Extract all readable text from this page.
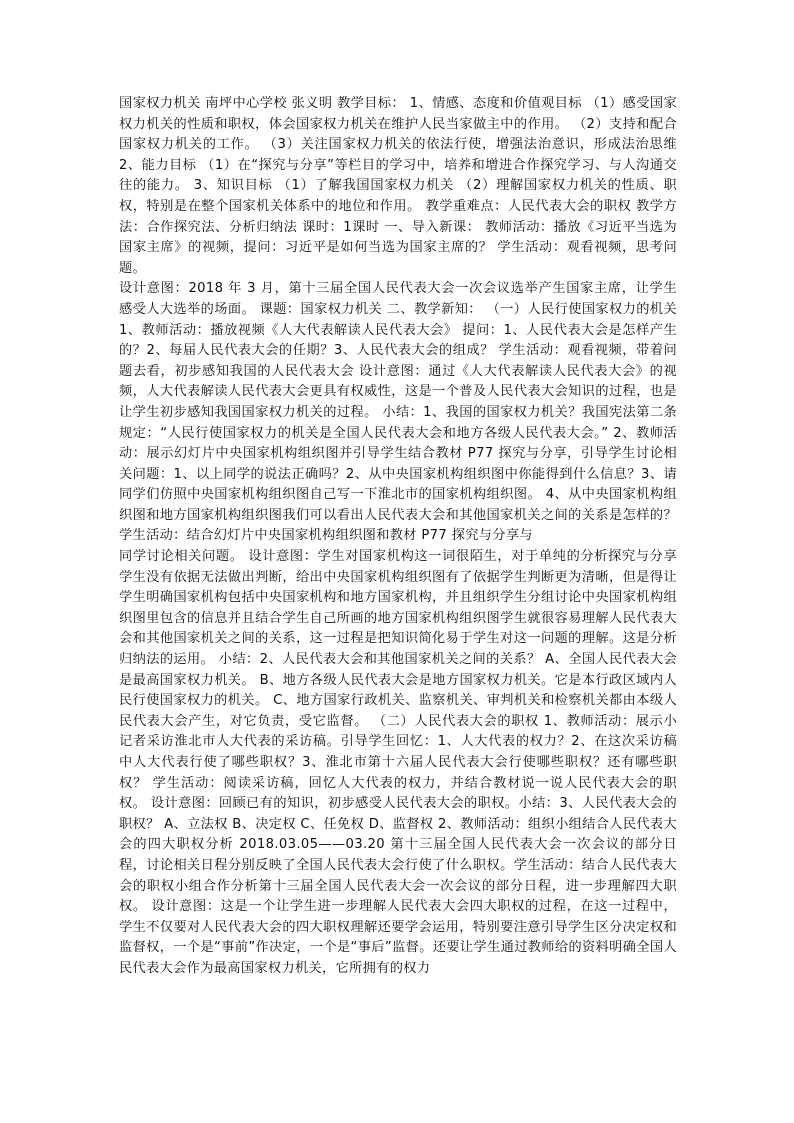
国家权力机关 南坪中心学校 张义明 教学目标： 1、情感、态度和价值观目标 （1）感受国家权力机关的性质和职权，体会国家权力机关在维护人民当家做主中的作用。 （2）支持和配合国家权力机关的工作。 （3）关注国家权力机关的依法行使，增强法治意识，形成法治思维 2、能力目标 （1）在“探究与分享”等栏目的学习中，培养和增进合作探究学习、与人沟通交往的能力。 3、知识目标 （1）了解我国国家权力机关 （2）理解国家权力机关的性质、职权，特别是在整个国家机关体系中的地位和作用。 教学重难点：人民代表大会的职权 教学方法：合作探究法、分析归纳法 课时：1课时 一、导入新课： 教师活动：播放《习近平当选为国家主席》的视频，提问：习近平是如何当选为国家主席的？ 学生活动：观看视频，思考问题。

设计意图：2018 年 3 月，第十三届全国人民代表大会一次会议选举产生国家主席，让学生感受人大选举的场面。 课题：国家权力机关 二、教学新知： （一）人民行使国家权力的机关 1、教师活动：播放视频《人大代表解读人民代表大会》 提问：1、人民代表大会是怎样产生的？2、每届人民代表大会的任期？3、人民代表大会的组成？ 学生活动：观看视频，带着问题去看，初步感知我国的人民代表大会 设计意图：通过《人大代表解读人民代表大会》的视频，人大代表解读人民代表大会更具有权威性，这是一个普及人民代表大会知识的过程，也是让学生初步感知我国国家权力机关的过程。 小结：1、我国的国家权力机关？我国宪法第二条规定：“人民行使国家权力的机关是全国人民代表大会和地方各级人民代表大会。” 2、教师活动：展示幻灯片中央国家机构组织图并引导学生结合教材 P77 探究与分享，引导学生讨论相关问题：1、以上同学的说法正确吗？2、从中央国家机构组织图中你能得到什么信息？3、请同学们仿照中央国家机构组织图自己写一下淮北市的国家机构组织图。 4、从中央国家机构组织图和地方国家机构组织图我们可以看出人民代表大会和其他国家机关之间的关系是怎样的？ 学生活动：结合幻灯片中央国家机构组织图和教材 P77 探究与分享与

同学讨论相关问题。 设计意图：学生对国家机构这一词很陌生，对于单纯的分析探究与分享学生没有依据无法做出判断，给出中央国家机构组织图有了依据学生判断更为清晰，但是得让学生明确国家机构包括中央国家机构和地方国家机构，并且组织学生分组讨论中央国家机构组织图里包含的信息并且结合学生自己所画的地方国家机构组织图学生就很容易理解人民代表大会和其他国家机关之间的关系，这一过程是把知识简化易于学生对这一问题的理解。这是分析归纳法的运用。 小结：2、人民代表大会和其他国家机关之间的关系？ A、全国人民代表大会是最高国家权力机关。 B、地方各级人民代表大会是地方国家权力机关。它是本行政区域内人民行使国家权力的机关。 C、地方国家行政机关、监察机关、审判机关和检察机关都由本级人民代表大会产生，对它负责，受它监督。 （二）人民代表大会的职权 1、教师活动：展示小记者采访淮北市人大代表的采访稿。引导学生回忆：1、人大代表的权力？2、在这次采访稿中人大代表行使了哪些职权？3、淮北市第十六届人民代表大会行使哪些职权？还有哪些职权？ 学生活动：阅读采访稿，回忆人大代表的权力，并结合教材说一说人民代表大会的职权。 设计意图：回顾已有的知识，初步感受人民代表大会的职权。小结：3、人民代表大会的职权？ A、立法权 B、决定权 C、任免权 D、监督权 2、教师活动：组织小组结合人民代表大会的四大职权分析 2018.03.05——03.20 第十三届全国人民代表大会一次会议的部分日程，讨论相关日程分别反映了全国人民代表大会行使了什么职权。学生活动：结合人民代表大会的职权小组合作分析第十三届全国人民代表大会一次会议的部分日程，进一步理解四大职权。 设计意图：这是一个让学生进一步理解人民代表大会四大职权的过程，在这一过程中，学生不仅要对人民代表大会的四大职权理解还要学会运用，特别要注意引导学生区分决定权和监督权，一个是“事前”作决定，一个是“事后”监督。还要让学生通过教师给的资料明确全国人民代表大会作为最高国家权力机关，它所拥有的权力
